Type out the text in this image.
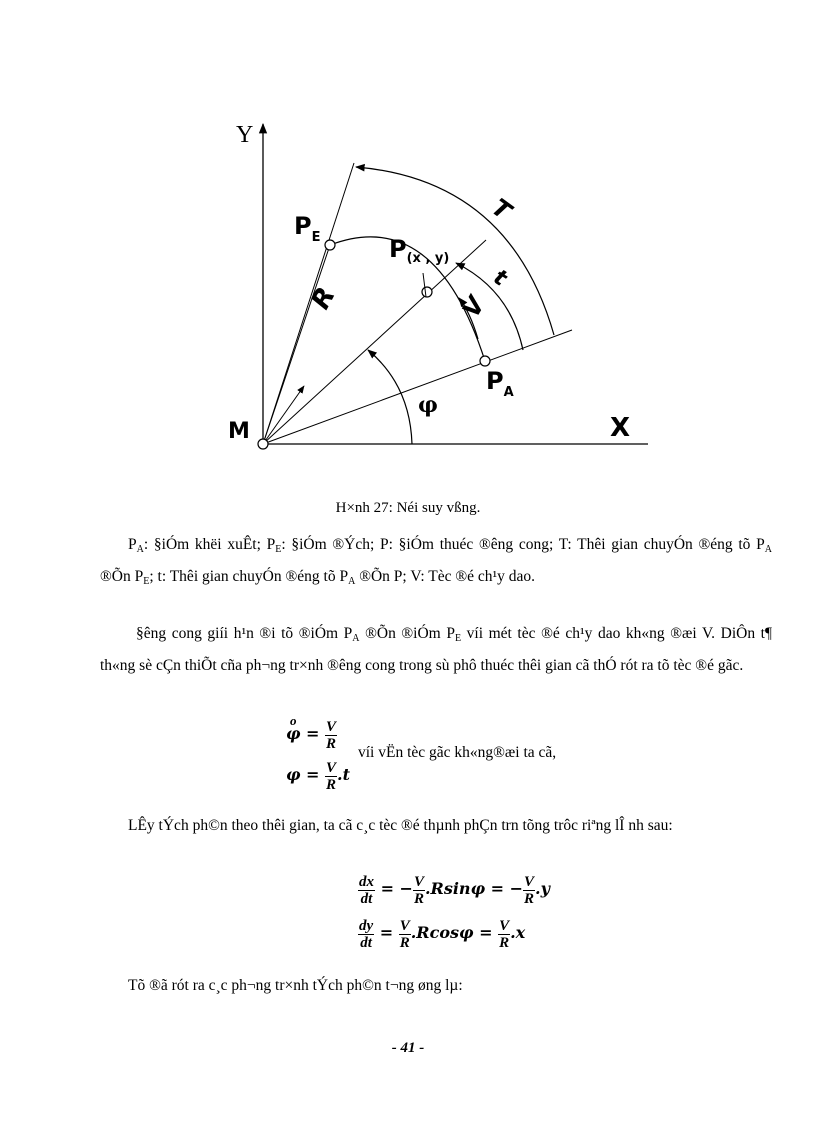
Y
X
M
$P_E$	$P_{(x , y)}$
$P_A$
R
T
t
V
φ
H×nh 27: Néi suy vßng.
$P_A$: §iÓm khëi xuÊt; $P_E$: §iÓm ®Ých; P: §iÓm thuéc ®êng cong; T: Thêi gian chuyÓn ®éng tõ $P_A$ ®Õn $P_E$; t: Thêi gian chuyÓn ®éng tõ $P_A$ ®Õn P; V: Tèc ®é ch¹y dao.
§êng cong giíi h¹n ®i tõ ®iÓm $P_A$ ®Õn ®iÓm $P_E$ víi mét tèc ®é ch¹y dao kh«ng ®æi V. DiÔn t¶ th«ng sè cÇn thiÕt cña ph¬ng tr×nh ®êng cong trong sù phô thuéc thêi gian cã thÓ rót ra tõ tèc ®é gãc.
o
$\varphi = \frac{V}{R}$
víi vËn tèc gãc kh«ng®æi ta cã,
$\varphi = \frac{V}{R} .t$
LÊy tÝch ph©n theo thêi gian, ta cã c¸c tèc ®é thµnh phÇn trn tõng trôc riªng lÎ nh sau:
$\frac{dx}{dt}$ = − $\frac{V}{R} .Rsin\varphi$ = − $\frac{V}{R} .y$
$\frac{dy}{dt} = \frac{V}{R} .Rcos\varphi = \frac{V}{R} .x$
Tõ ®ã rót ra c¸c ph¬ng tr×nh tÝch ph©n t¬ng øng lµ:
- 41 -
